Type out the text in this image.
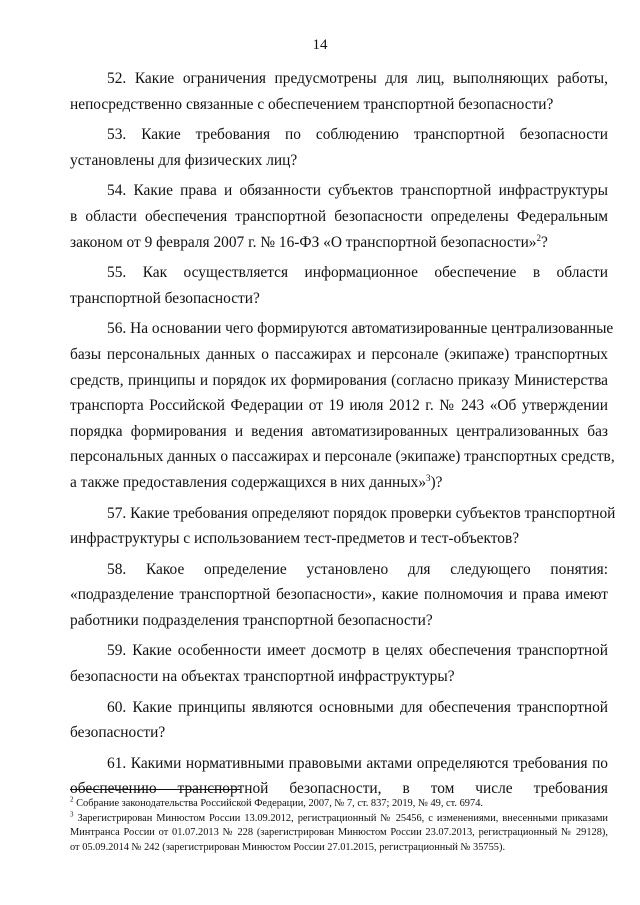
14
52. Какие ограничения предусмотрены для лиц, выполняющих работы,
непосредственно связанные с обеспечением транспортной безопасности?
53. Какие требования по соблюдению транспортной безопасности
установлены для физических лиц?
54. Какие права и обязанности субъектов транспортной инфраструктуры
в области обеспечения транспортной безопасности определены Федеральным
законом от 9 февраля 2007 г. № 16-ФЗ «О транспортной безопасности»$^2$?
55. Как осуществляется информационное обеспечение в области
транспортной безопасности?
56. На основании чего формируются автоматизированные централизованные
базы персональных данных о пассажирах и персонале (экипаже) транспортных
средств, принципы и порядок их формирования (согласно приказу Министерства
транспорта Российской Федерации от 19 июля 2012 г. № 243 «Об утверждении
порядка формирования и ведения автоматизированных централизованных баз
персональных данных о пассажирах и персонале (экипаже) транспортных средств,
а также предоставления содержащихся в них данных»$^3$)?
57. Какие требования определяют порядок проверки субъектов транспортной
инфраструктуры с использованием тест-предметов и тест-объектов?
58. Какое определение установлено для следующего понятия:
«подразделение транспортной безопасности», какие полномочия и права имеют
работники подразделения транспортной безопасности?
59. Какие особенности имеет досмотр в целях обеспечения транспортной
безопасности на объектах транспортной инфраструктуры?
60. Какие принципы являются основными для обеспечения транспортной
безопасности?
61. Какими нормативными правовыми актами определяются требования по
обеспечению транспортной безопасности, в том числе требования
$^2$ Собрание законодательства Российской Федерации, 2007, № 7, ст. 837; 2019, № 49, ст. 6974.
$^3$ Зарегистрирован Минюстом России 13.09.2012, регистрационный № 25456, с изменениями, внесенными приказами
Минтранса России от 01.07.2013 № 228 (зарегистрирован Минюстом России 23.07.2013, регистрационный № 29128),
от 05.09.2014 № 242 (зарегистрирован Минюстом России 27.01.2015, регистрационный № 35755).
